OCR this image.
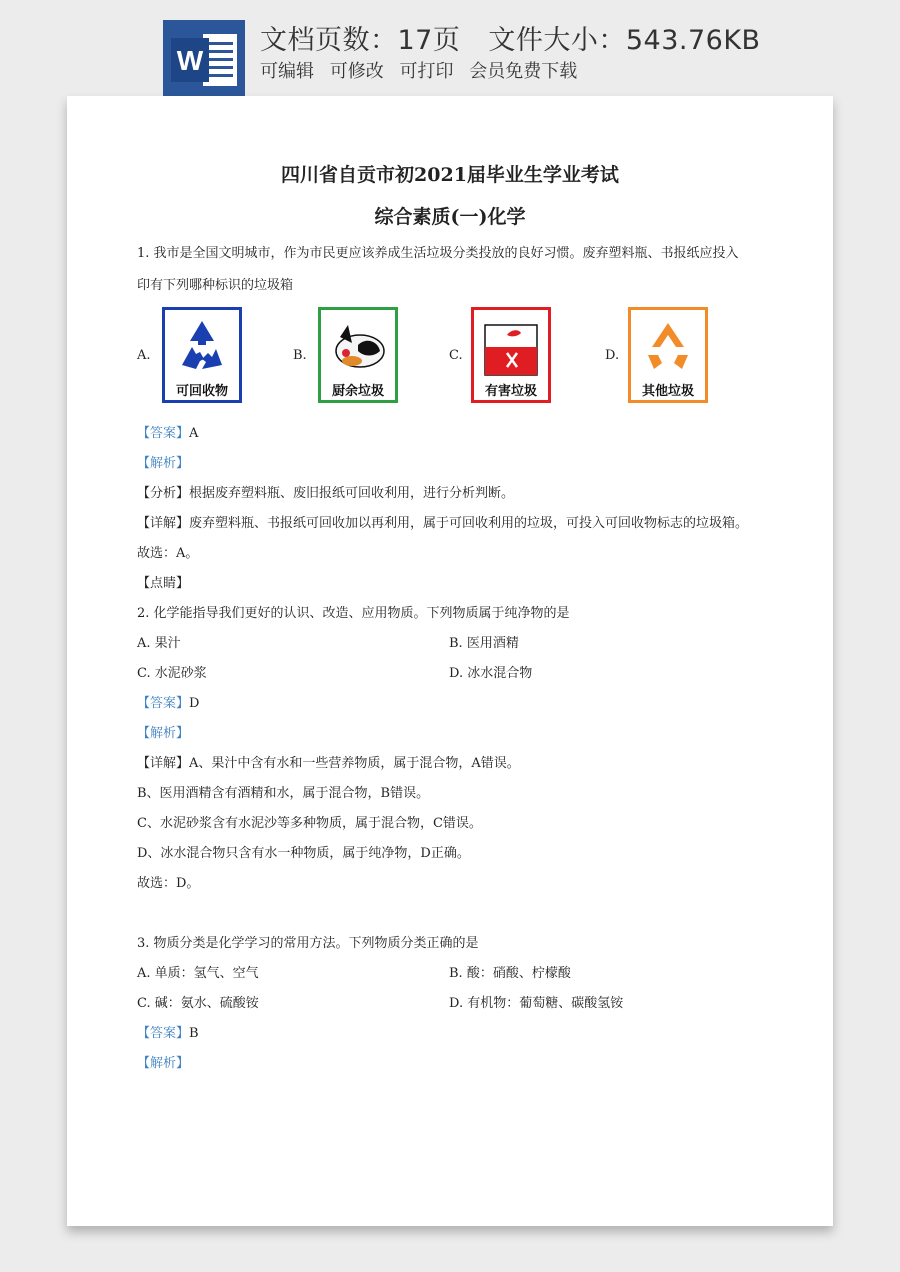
W
文档页数：17页 文件大小：543.76KB
可编辑 可修改 可打印 会员免费下载
四川省自贡市初2021届毕业生学业考试
综合素质(一)化学
1. 我市是全国文明城市，作为市民更应该养成生活垃圾分类投放的良好习惯。废弃塑料瓶、书报纸应投入
印有下列哪种标识的垃圾箱
A.
可回收物
B.
厨余垃圾
C.
有害垃圾
D.
其他垃圾
【答案】A
【解析】
【分析】根据废弃塑料瓶、废旧报纸可回收利用，进行分析判断。
【详解】废弃塑料瓶、书报纸可回收加以再利用，属于可回收利用的垃圾，可投入可回收物标志的垃圾箱。
故选：A。
【点睛】
2. 化学能指导我们更好的认识、改造、应用物质。下列物质属于纯净物的是
A. 果汁	B. 医用酒精
C. 水泥砂浆	D. 冰水混合物
【答案】D
【解析】
【详解】A、果汁中含有水和一些营养物质，属于混合物，A错误。
B、医用酒精含有酒精和水，属于混合物，B错误。
C、水泥砂浆含有水泥沙等多种物质，属于混合物，C错误。
D、冰水混合物只含有水一种物质，属于纯净物，D正确。
故选：D。
3. 物质分类是化学学习的常用方法。下列物质分类正确的是
A. 单质：氢气、空气	B. 酸：硝酸、柠檬酸
C. 碱：氨水、硫酸铵	D. 有机物：葡萄糖、碳酸氢铵
【答案】B
【解析】
